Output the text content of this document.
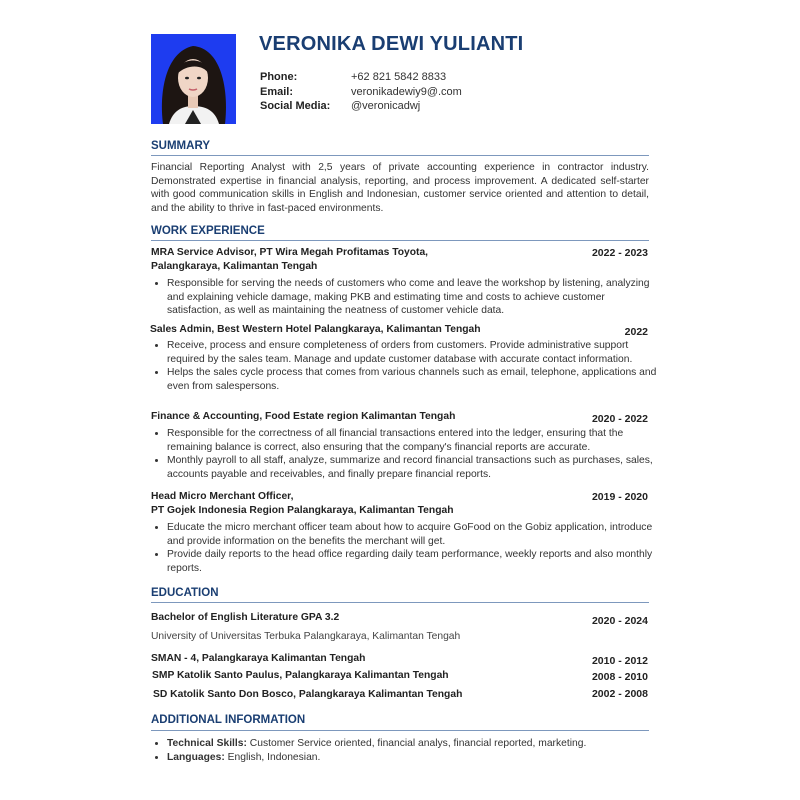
VERONIKA DEWI YULIANTI
Phone:	+62 821 5842 8833
Email:	veronikadewiy9@.com
Social Media: @veronicadwj
SUMMARY
Financial Reporting Analyst with 2,5 years of private accounting experience in contractor industry. Demonstrated expertise in financial analysis, reporting, and process improvement. A dedicated self-starter with good communication skills in English and Indonesian, customer service oriented and attention to detail, and the ability to thrive in fast-paced environments.
WORK EXPERIENCE
MRA Service Advisor, PT Wira Megah Profitamas Toyota,
Palangkaraya, Kalimantan Tengah
2022 - 2023
• Responsible for serving the needs of customers who come and leave the workshop by listening, analyzing and explaining vehicle damage, making PKB and estimating time and costs to achieve customer satisfaction, as well as maintaining the neatness of customer vehicle data.
Sales Admin, Best Western Hotel Palangkaraya, Kalimantan Tengah	2022
• Receive, process and ensure completeness of orders from customers. Provide administrative support required by the sales team. Manage and update customer database with accurate contact information.
• Helps the sales cycle process that comes from various channels such as email, telephone, applications and even from salespersons.
Finance & Accounting, Food Estate region Kalimantan Tengah	2020 - 2022
• Responsible for the correctness of all financial transactions entered into the ledger, ensuring that the remaining balance is correct, also ensuring that the company's financial reports are accurate.
• Monthly payroll to all staff, analyze, summarize and record financial transactions such as purchases, sales, accounts payable and receivables, and finally prepare financial reports.
Head Micro Merchant Officer,
PT Gojek Indonesia Region Palangkaraya, Kalimantan Tengah
2019 - 2020
• Educate the micro merchant officer team about how to acquire GoFood on the Gobiz application, introduce and provide information on the benefits the merchant will get.
• Provide daily reports to the head office regarding daily team performance, weekly reports and also monthly reports.
EDUCATION
Bachelor of English Literature GPA 3.2	2020 - 2024
University of Universitas Terbuka Palangkaraya, Kalimantan Tengah
SMAN - 4, Palangkaraya Kalimantan Tengah	2010 - 2012
SMP Katolik Santo Paulus, Palangkaraya Kalimantan Tengah	2008 - 2010
SD Katolik Santo Don Bosco, Palangkaraya Kalimantan Tengah	2002 - 2008
ADDITIONAL INFORMATION
• Technical Skills: Customer Service oriented, financial analys, financial reported, marketing.
• Languages: English, Indonesian.
